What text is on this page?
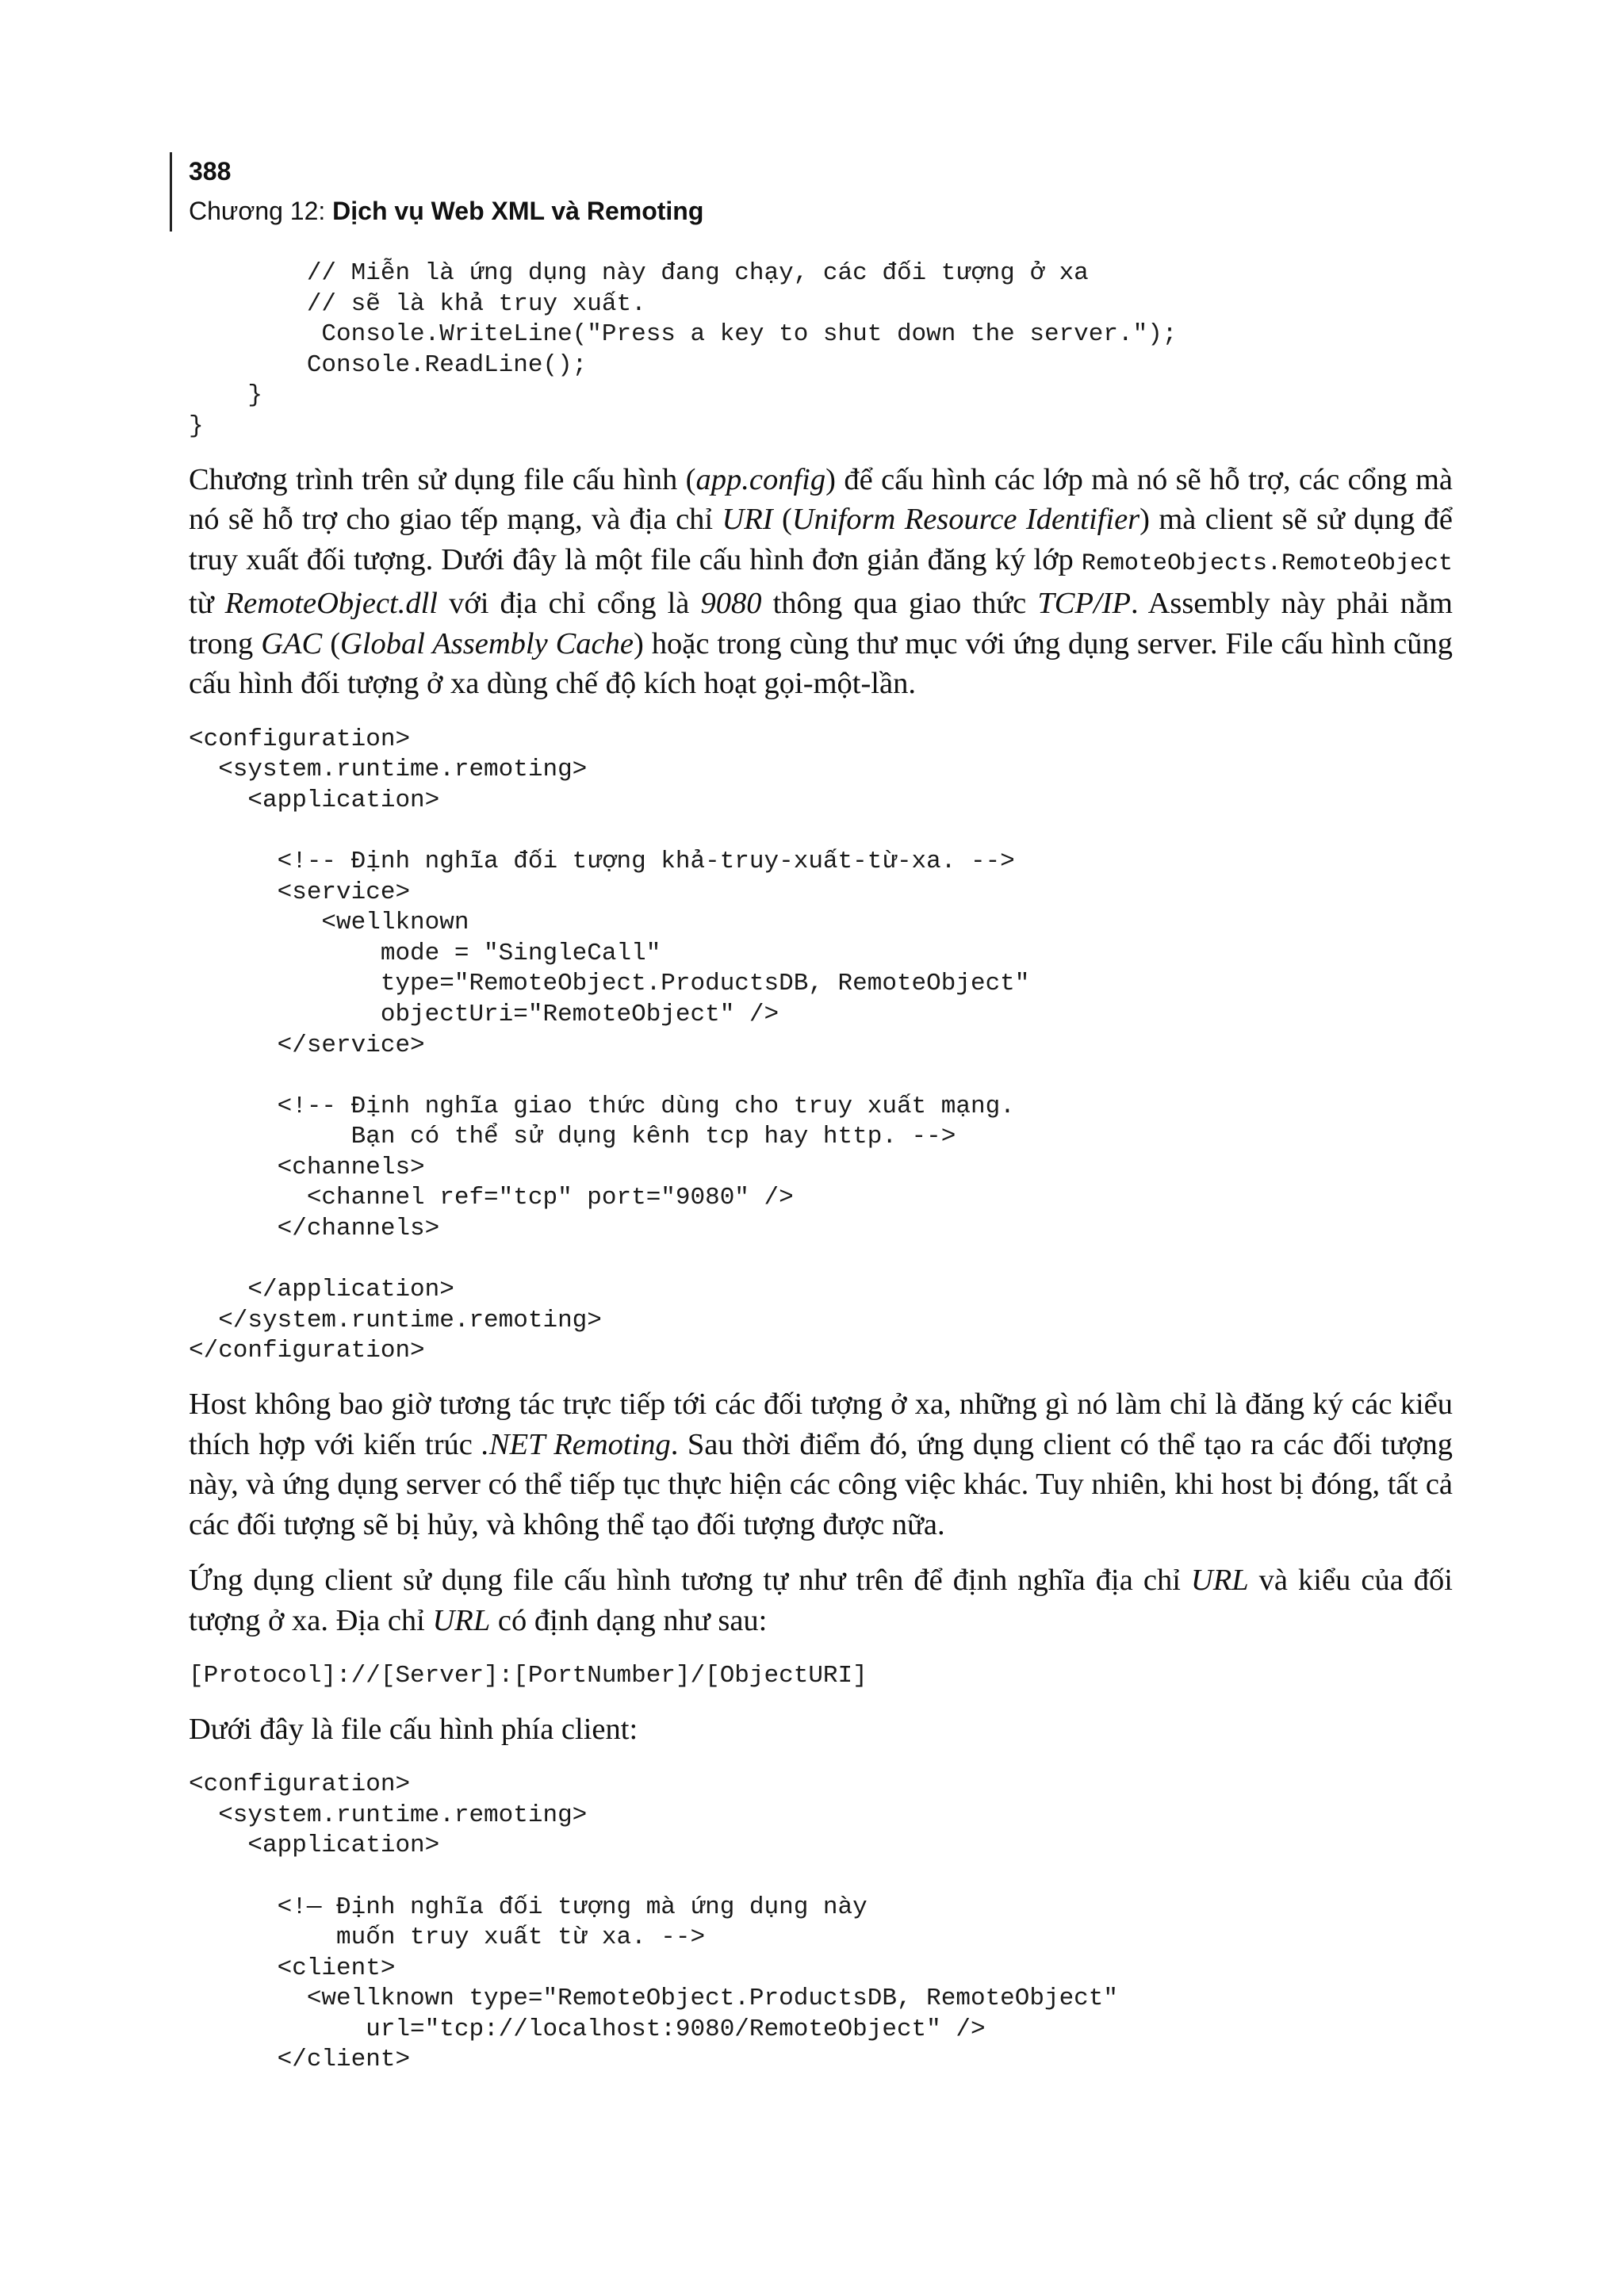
388
Chương 12: Dịch vụ Web XML và Remoting
// Miễn là ứng dụng này đang chạy, các đối tượng ở xa
// sẽ là khả truy xuất.
Console.WriteLine("Press a key to shut down the server.");
Console.ReadLine();
}
}

Chương trình trên sử dụng file cấu hình (app.config) để cấu hình các lớp mà nó sẽ hỗ trợ, các cổng mà nó sẽ hỗ trợ cho giao tếp mạng, và địa chỉ URI (Uniform Resource Identifier) mà client sẽ sử dụng để truy xuất đối tượng. Dưới đây là một file cấu hình đơn giản đăng ký lớp RemoteObjects.RemoteObject từ RemoteObject.dll với địa chỉ cổng là 9080 thông qua giao thức TCP/IP. Assembly này phải nằm trong GAC (Global Assembly Cache) hoặc trong cùng thư mục với ứng dụng server. File cấu hình cũng cấu hình đối tượng ở xa dùng chế độ kích hoạt gọi-một-lần.

<configuration>
<system.runtime.remoting>
<application>

<!-- Định nghĩa đối tượng khả-truy-xuất-từ-xa. -->
<service>
<wellknown
mode = "SingleCall"
type="RemoteObject.ProductsDB, RemoteObject"
objectUri="RemoteObject" />
</service>

<!-- Định nghĩa giao thức dùng cho truy xuất mạng.
Bạn có thể sử dụng kênh tcp hay http. -->
<channels>
<channel ref="tcp" port="9080" />
</channels>

</application>
</system.runtime.remoting>
</configuration>

Host không bao giờ tương tác trực tiếp tới các đối tượng ở xa, những gì nó làm chỉ là đăng ký các kiểu thích hợp với kiến trúc .NET Remoting. Sau thời điểm đó, ứng dụng client có thể tạo ra các đối tượng này, và ứng dụng server có thể tiếp tục thực hiện các công việc khác. Tuy nhiên, khi host bị đóng, tất cả các đối tượng sẽ bị hủy, và không thể tạo đối tượng được nữa.

Ứng dụng client sử dụng file cấu hình tương tự như trên để định nghĩa địa chỉ URL và kiểu của đối tượng ở xa. Địa chỉ URL có định dạng như sau:

[Protocol]://[Server]:[PortNumber]/[ObjectURI]

Dưới đây là file cấu hình phía client:

<configuration>
<system.runtime.remoting>
<application>

<!— Định nghĩa đối tượng mà ứng dụng này
muốn truy xuất từ xa. -->
<client>
<wellknown type="RemoteObject.ProductsDB, RemoteObject"
url="tcp://localhost:9080/RemoteObject" />
</client>
